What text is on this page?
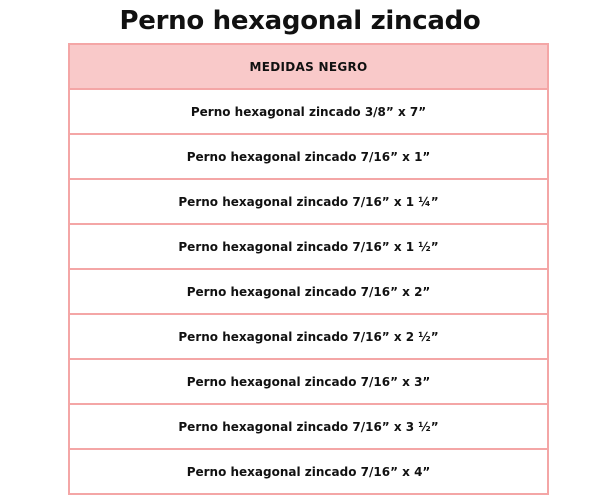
Perno hexagonal zincado
MEDIDAS NEGRO
Perno hexagonal zincado 3/8” x 7”
Perno hexagonal zincado 7/16” x 1”
Perno hexagonal zincado 7/16” x 1 ¼”
Perno hexagonal zincado 7/16” x 1 ½”
Perno hexagonal zincado 7/16” x 2”
Perno hexagonal zincado 7/16” x 2 ½”
Perno hexagonal zincado 7/16” x 3”
Perno hexagonal zincado 7/16” x 3 ½”
Perno hexagonal zincado 7/16” x 4”
